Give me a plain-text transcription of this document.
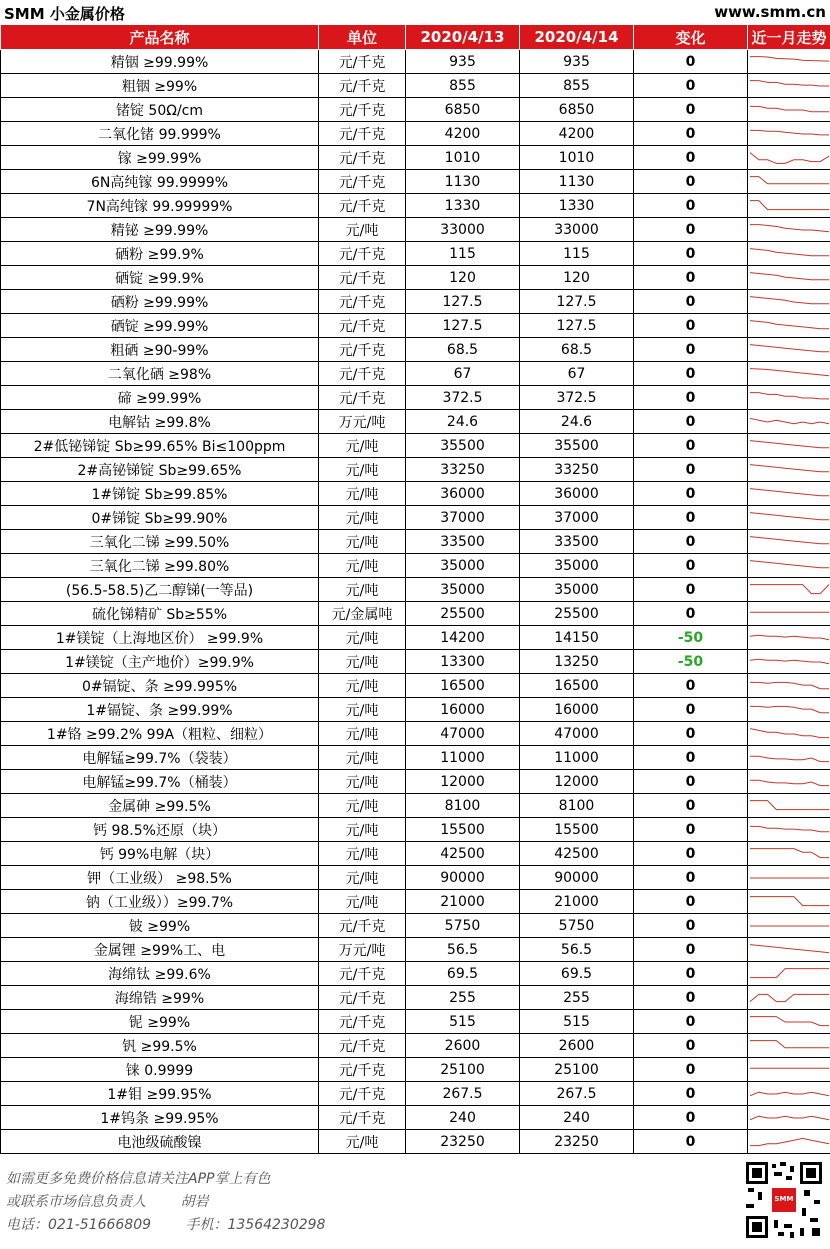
SMM 小金属价格	www.smm.cn
产品名称	单位	2020/4/13	2020/4/14	变化	近一月走势
精铟 ≥99.99%	元/千克	935	935	0	

粗铟 ≥99%	元/千克	855	855	0	

锗锭 50Ω/cm	元/千克	6850	6850	0	

二氧化锗 99.999%	元/千克	4200	4200	0	

镓 ≥99.99%	元/千克	1010	1010	0	

6N高纯镓 99.9999%	元/千克	1130	1130	0	

7N高纯镓 99.99999%	元/千克	1330	1330	0	

精铋 ≥99.99%	元/吨	33000	33000	0	

硒粉 ≥99.9%	元/千克	115	115	0	

硒锭 ≥99.9%	元/千克	120	120	0	

硒粉 ≥99.99%	元/千克	127.5	127.5	0	

硒锭 ≥99.99%	元/千克	127.5	127.5	0	

粗硒 ≥90-99%	元/千克	68.5	68.5	0	

二氧化硒 ≥98%	元/千克	67	67	0	

碲 ≥99.99%	元/千克	372.5	372.5	0	

电解钴 ≥99.8%	万元/吨	24.6	24.6	0	

2#低铋锑锭 Sb≥99.65% Bi≤100ppm	元/吨	35500	35500	0	

2#高铋锑锭 Sb≥99.65%	元/吨	33250	33250	0	

1#锑锭 Sb≥99.85%	元/吨	36000	36000	0	

0#锑锭 Sb≥99.90%	元/吨	37000	37000	0	

三氧化二锑 ≥99.50%	元/吨	33500	33500	0	

三氧化二锑 ≥99.80%	元/吨	35000	35000	0	

(56.5-58.5)乙二醇锑(一等品)	元/吨	35000	35000	0	

硫化锑精矿 Sb≥55%	元/金属吨	25500	25500	0	

1#镁锭（上海地区价） ≥99.9%	元/吨	14200	14150	-50	

1#镁锭（主产地价）≥99.9%	元/吨	13300	13250	-50	

0#镉锭、条 ≥99.995%	元/吨	16500	16500	0	

1#镉锭、条 ≥99.99%	元/吨	16000	16000	0	

1#铬 ≥99.2% 99A（粗粒、细粒）	元/吨	47000	47000	0	

电解锰≥99.7%（袋装）	元/吨	11000	11000	0	

电解锰≥99.7%（桶装）	元/吨	12000	12000	0	

金属砷 ≥99.5%	元/吨	8100	8100	0	

钙 98.5%还原（块）	元/吨	15500	15500	0	

钙 99%电解（块）	元/吨	42500	42500	0	

钾（工业级） ≥98.5%	元/吨	90000	90000	0	

钠（工业级））≥99.7%	元/吨	21000	21000	0	

铍 ≥99%	元/千克	5750	5750	0	

金属锂 ≥99%工、电	万元/吨	56.5	56.5	0	

海绵钛 ≥99.6%	元/千克	69.5	69.5	0	

海绵锆 ≥99%	元/千克	255	255	0	

铌 ≥99%	元/千克	515	515	0	

钒 ≥99.5%	元/千克	2600	2600	0	

铼 0.9999	元/千克	25100	25100	0	

1#钼 ≥99.95%	元/千克	267.5	267.5	0	

1#钨条 ≥99.95%	元/千克	240	240	0	

电池级硫酸镍	元/吨	23250	23250	0	
如需更多免费价格信息请关注APP掌上有色
或联系市场信息负责人 胡岩
电话：021-51666809 手机：13564230298
SMM
